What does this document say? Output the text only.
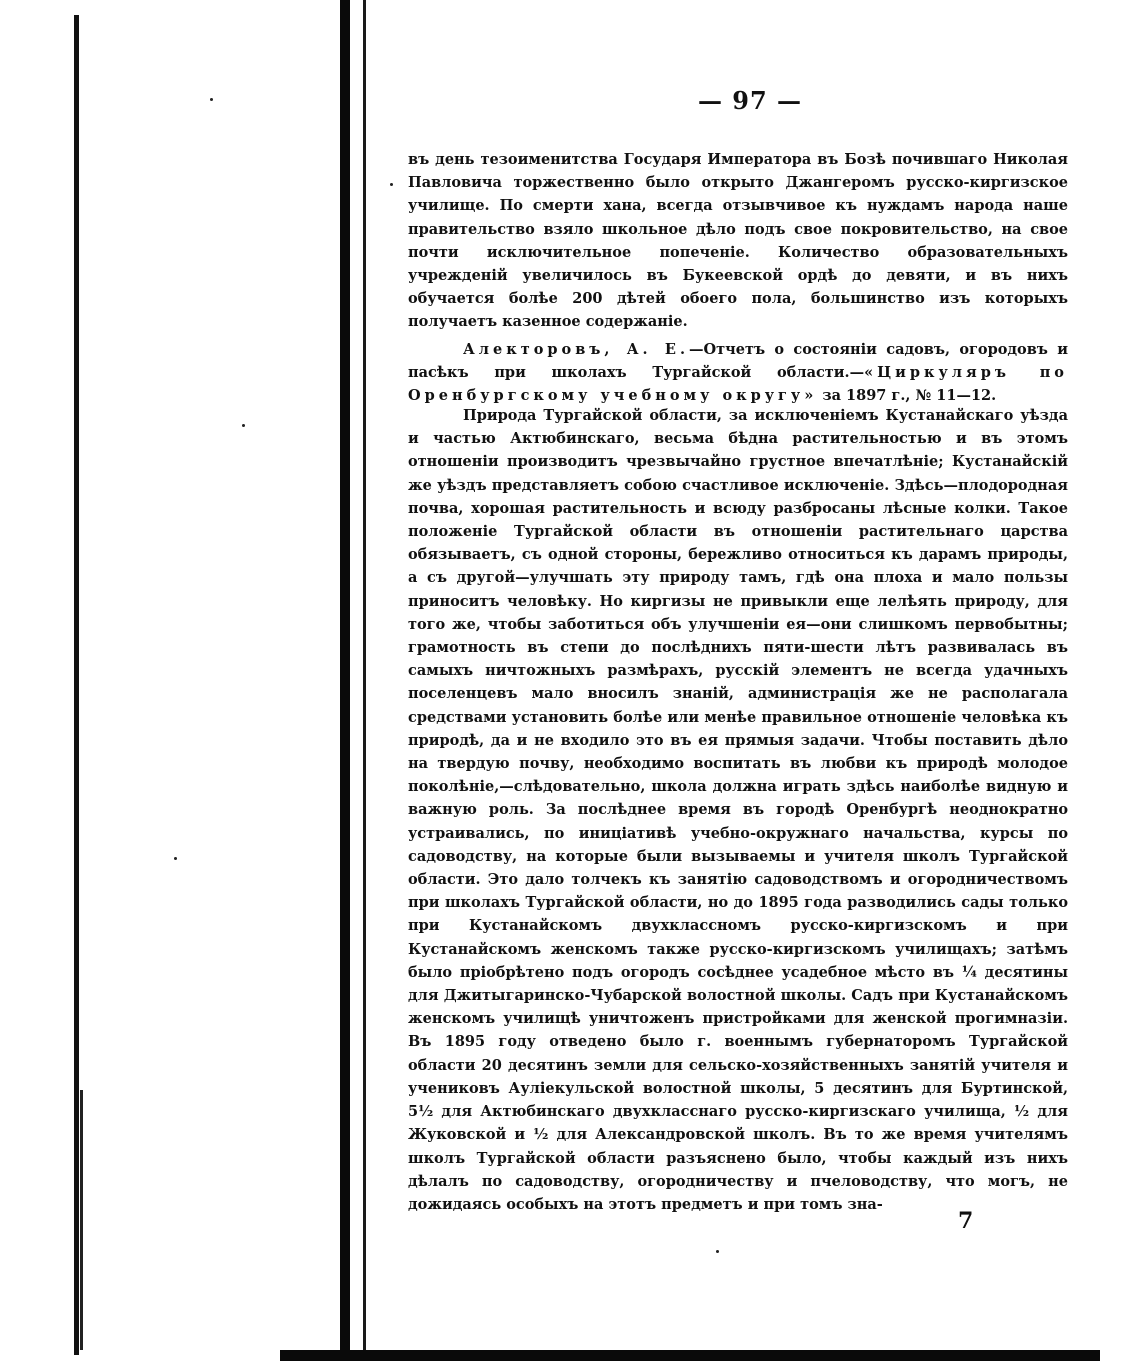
— 97 —

въ день тезоименитства Государя Императора въ Бозѣ почившаго Николая Павловича торжественно было открыто Джангеромъ русско-киргизское училище. По смерти хана, всегда отзывчивое къ нуждамъ народа наше правительство взяло школьное дѣло подъ свое покровительство, на свое почти исключительное попеченіе. Количество образовательныхъ учрежденій увеличилось въ Букеевской ордѣ до девяти, и въ нихъ обучается болѣе 200 дѣтей обоего пола, большинство изъ которыхъ получаетъ казенное содержаніе.

Алекторовъ, А. Е.—Отчетъ о состояніи садовъ, огородовъ и пасѣкъ при школахъ Тургайской области.—«Циркуляръ по Оренбургскому учебному округу» за 1897 г., № 11—12.

Природа Тургайской области, за исключеніемъ Кустанайскаго уѣзда и частью Актюбинскаго, весьма бѣдна растительностью и въ этомъ отношеніи производитъ чрезвычайно грустное впечатлѣніе; Кустанайскій же уѣздъ представляетъ собою счастливое исключеніе. Здѣсь—плодородная почва, хорошая растительность и всюду разбросаны лѣсные колки. Такое положеніе Тургайской области въ отношеніи растительнаго царства обязываетъ, съ одной стороны, бережливо относиться къ дарамъ природы, а съ другой—улучшать эту природу тамъ, гдѣ она плоха и мало пользы приноситъ человѣку. Но киргизы не привыкли еще лелѣять природу, для того же, чтобы заботиться объ улучшеніи ея—они слишкомъ первобытны; грамотность въ степи до послѣднихъ пяти-шести лѣтъ развивалась въ самыхъ ничтожныхъ размѣрахъ, русскій элементъ не всегда удачныхъ поселенцевъ мало вносилъ знаній, администрація же не располагала средствами установить болѣе или менѣе правильное отношеніе человѣка къ природѣ, да и не входило это въ ея прямыя задачи. Чтобы поставить дѣло на твердую почву, необходимо воспитать въ любви къ природѣ молодое поколѣніе,—слѣдовательно, школа должна играть здѣсь наиболѣе видную и важную роль. За послѣднее время въ городѣ Оренбургѣ неоднократно устраивались, по иниціативѣ учебно-окружнаго начальства, курсы по садоводству, на которые были вызываемы и учителя школъ Тургайской области. Это дало толчекъ къ занятію садоводствомъ и огородничествомъ при школахъ Тургайской области, но до 1895 года разводились сады только при Кустанайскомъ двухклассномъ русско-киргизскомъ и при Кустанайскомъ женскомъ также русско-киргизскомъ училищахъ; затѣмъ было пріобрѣтено подъ огородъ сосѣднее усадебное мѣсто въ ¼ десятины для Джитыгаринско-Чубарской волостной школы. Садъ при Кустанайскомъ женскомъ училищѣ уничтоженъ пристройками для женской прогимназіи. Въ 1895 году отведено было г. военнымъ губернаторомъ Тургайской области 20 десятинъ земли для сельско-хозяйственныхъ занятій учителя и учениковъ Аулiекульской волостной школы, 5 десятинъ для Буртинской, 5½ для Актюбинскаго двухкласснаго русско-киргизскаго училища, ½ для Жуковской и ½ для Александровской школъ. Въ то же время учителямъ школъ Тургайской области разъяснено было, чтобы каждый изъ нихъ дѣлалъ по садоводству, огородничеству и пчеловодству, что могъ, не дожидаясь особыхъ на этотъ предметъ и при томъ зна-

7
